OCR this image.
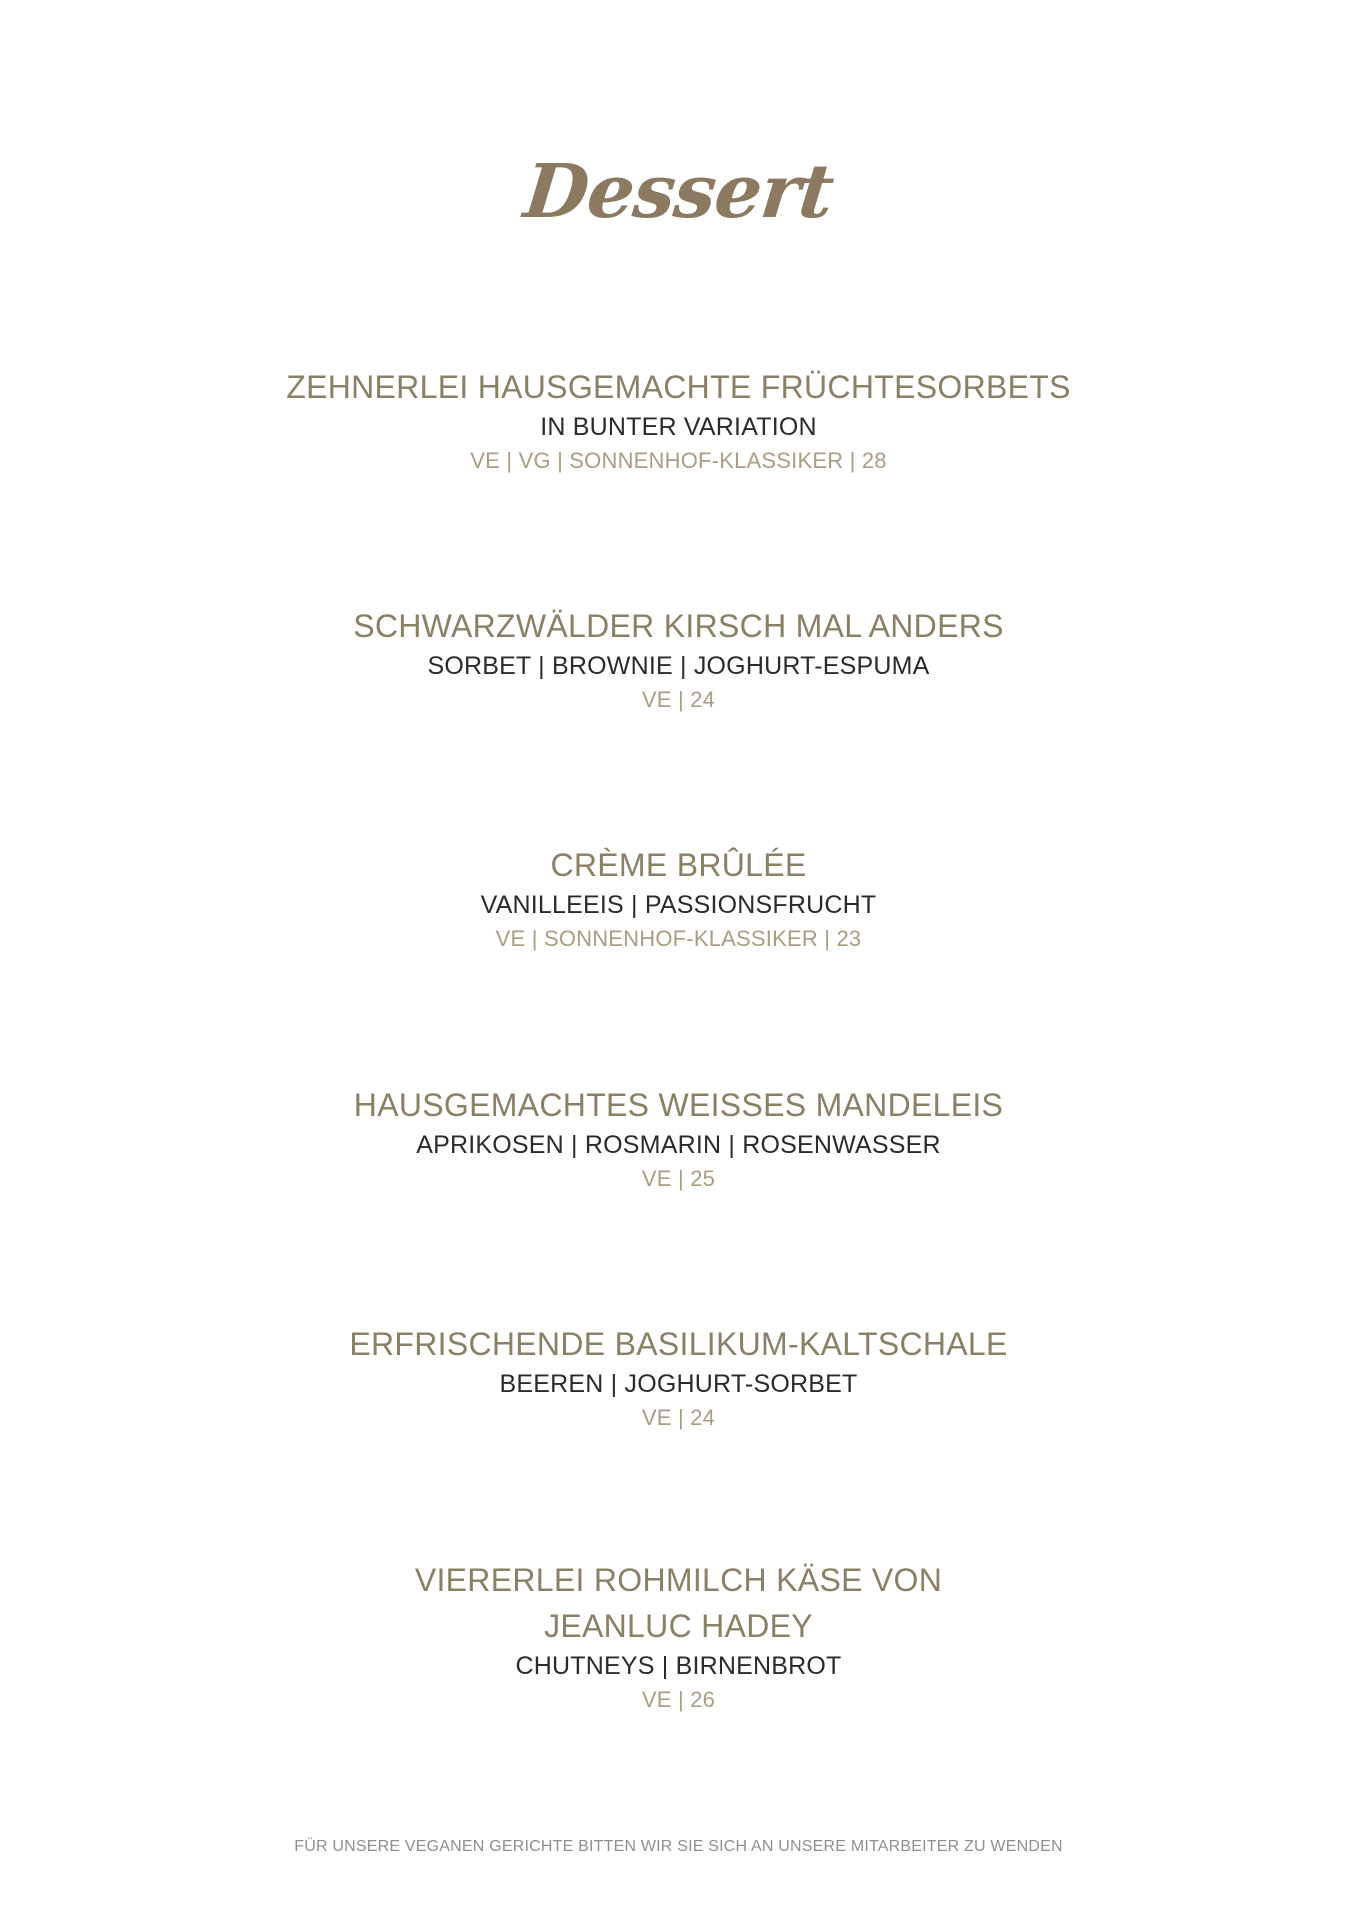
Dessert
ZEHNERLEI HAUSGEMACHTE FRÜCHTESORBETS
IN BUNTER VARIATION
VE | VG | SONNENHOF-KLASSIKER | 28
SCHWARZWÄLDER KIRSCH MAL ANDERS
SORBET | BROWNIE | JOGHURT-ESPUMA
VE | 24
CRÈME BRÛLÉE
VANILLEEIS | PASSIONSFRUCHT
VE | SONNENHOF-KLASSIKER | 23
HAUSGEMACHTES WEISSES MANDELEIS
APRIKOSEN | ROSMARIN | ROSENWASSER
VE | 25
ERFRISCHENDE BASILIKUM-KALTSCHALE
BEEREN | JOGHURT-SORBET
VE | 24
VIERERLEI ROHMILCH KÄSE VON
JEANLUC HADEY
CHUTNEYS | BIRNENBROT
VE | 26
FÜR UNSERE VEGANEN GERICHTE BITTEN WIR SIE SICH AN UNSERE MITARBEITER ZU WENDEN
